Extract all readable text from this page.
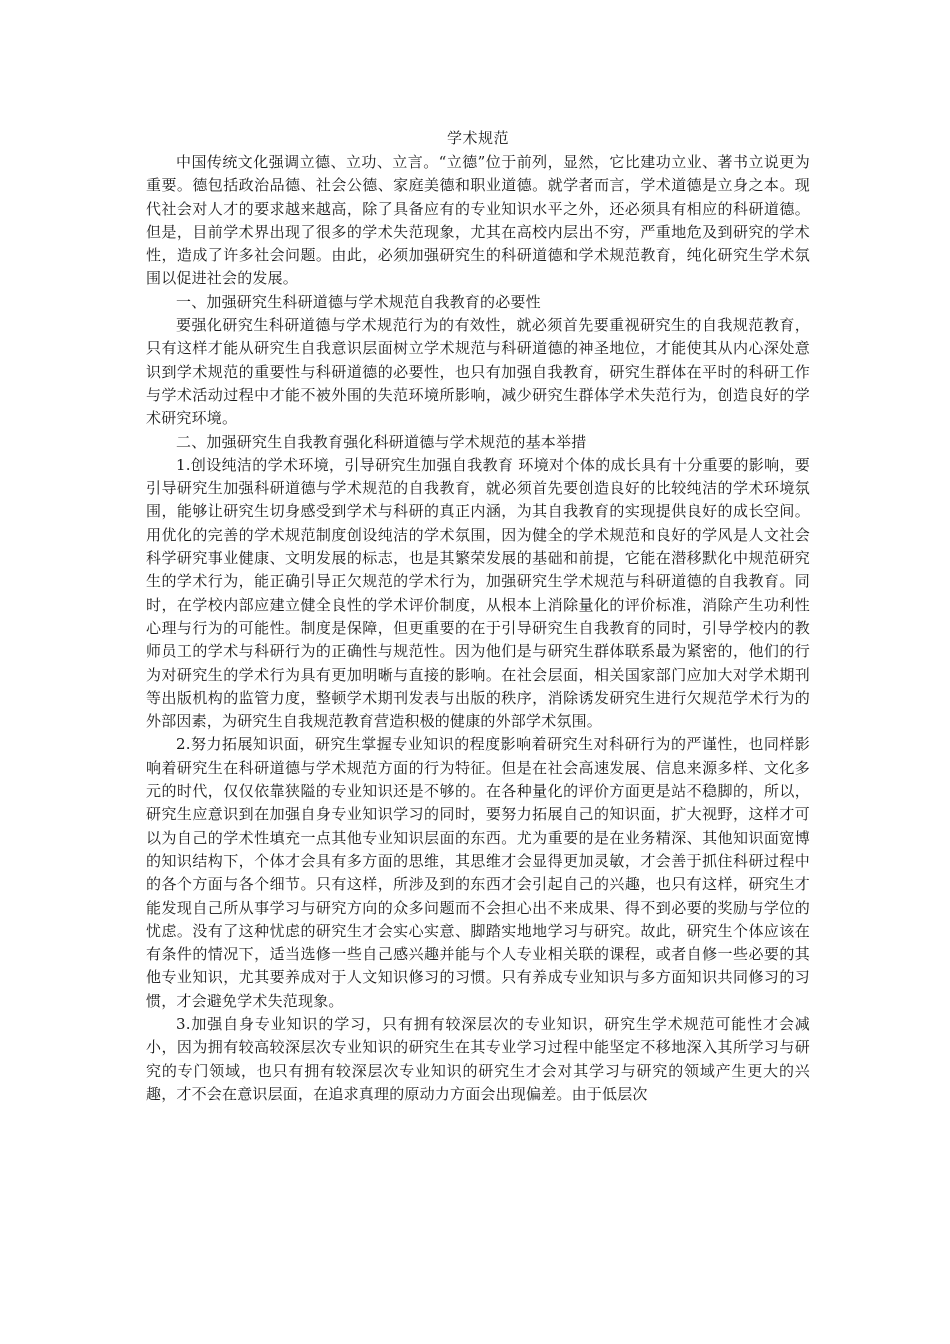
学术规范

中国传统文化强调立德、立功、立言。“立德”位于前列，显然，它比建功立业、著书立说更为重要。德包括政治品德、社会公德、家庭美德和职业道德。就学者而言，学术道德是立身之本。现代社会对人才的要求越来越高，除了具备应有的专业知识水平之外，还必须具有相应的科研道德。但是，目前学术界出现了很多的学术失范现象，尤其在高校内层出不穷，严重地危及到研究的学术性，造成了许多社会问题。由此，必须加强研究生的科研道德和学术规范教育，纯化研究生学术氛围以促进社会的发展。

一、加强研究生科研道德与学术规范自我教育的必要性

要强化研究生科研道德与学术规范行为的有效性，就必须首先要重视研究生的自我规范教育，只有这样才能从研究生自我意识层面树立学术规范与科研道德的神圣地位，才能使其从内心深处意识到学术规范的重要性与科研道德的必要性，也只有加强自我教育，研究生群体在平时的科研工作与学术活动过程中才能不被外围的失范环境所影响，减少研究生群体学术失范行为，创造良好的学术研究环境。

二、加强研究生自我教育强化科研道德与学术规范的基本举措

1.创设纯洁的学术环境，引导研究生加强自我教育 环境对个体的成长具有十分重要的影响，要引导研究生加强科研道德与学术规范的自我教育，就必须首先要创造良好的比较纯洁的学术环境氛围，能够让研究生切身感受到学术与科研的真正内涵，为其自我教育的实现提供良好的成长空间。用优化的完善的学术规范制度创设纯洁的学术氛围，因为健全的学术规范和良好的学风是人文社会科学研究事业健康、文明发展的标志，也是其繁荣发展的基础和前提，它能在潜移默化中规范研究生的学术行为，能正确引导正欠规范的学术行为，加强研究生学术规范与科研道德的自我教育。同时，在学校内部应建立健全良性的学术评价制度，从根本上消除量化的评价标准，消除产生功利性心理与行为的可能性。制度是保障，但更重要的在于引导研究生自我教育的同时，引导学校内的教师员工的学术与科研行为的正确性与规范性。因为他们是与研究生群体联系最为紧密的，他们的行为对研究生的学术行为具有更加明晰与直接的影响。在社会层面，相关国家部门应加大对学术期刊等出版机构的监管力度，整顿学术期刊发表与出版的秩序，消除诱发研究生进行欠规范学术行为的外部因素，为研究生自我规范教育营造积极的健康的外部学术氛围。

2.努力拓展知识面，研究生掌握专业知识的程度影响着研究生对科研行为的严谨性，也同样影响着研究生在科研道德与学术规范方面的行为特征。但是在社会高速发展、信息来源多样、文化多元的时代，仅仅依靠狭隘的专业知识还是不够的。在各种量化的评价方面更是站不稳脚的，所以，研究生应意识到在加强自身专业知识学习的同时，要努力拓展自己的知识面，扩大视野，这样才可以为自己的学术性填充一点其他专业知识层面的东西。尤为重要的是在业务精深、其他知识面宽博的知识结构下，个体才会具有多方面的思维，其思维才会显得更加灵敏，才会善于抓住科研过程中的各个方面与各个细节。只有这样，所涉及到的东西才会引起自己的兴趣，也只有这样，研究生才能发现自己所从事学习与研究方向的众多问题而不会担心出不来成果、得不到必要的奖励与学位的忧虑。没有了这种忧虑的研究生才会实心实意、脚踏实地地学习与研究。故此，研究生个体应该在有条件的情况下，适当选修一些自己感兴趣并能与个人专业相关联的课程，或者自修一些必要的其他专业知识，尤其要养成对于人文知识修习的习惯。只有养成专业知识与多方面知识共同修习的习惯，才会避免学术失范现象。

3.加强自身专业知识的学习，只有拥有较深层次的专业知识，研究生学术规范可能性才会减小，因为拥有较高较深层次专业知识的研究生在其专业学习过程中能坚定不移地深入其所学习与研究的专门领域，也只有拥有较深层次专业知识的研究生才会对其学习与研究的领域产生更大的兴趣，才不会在意识层面，在追求真理的原动力方面会出现偏差。由于低层次
